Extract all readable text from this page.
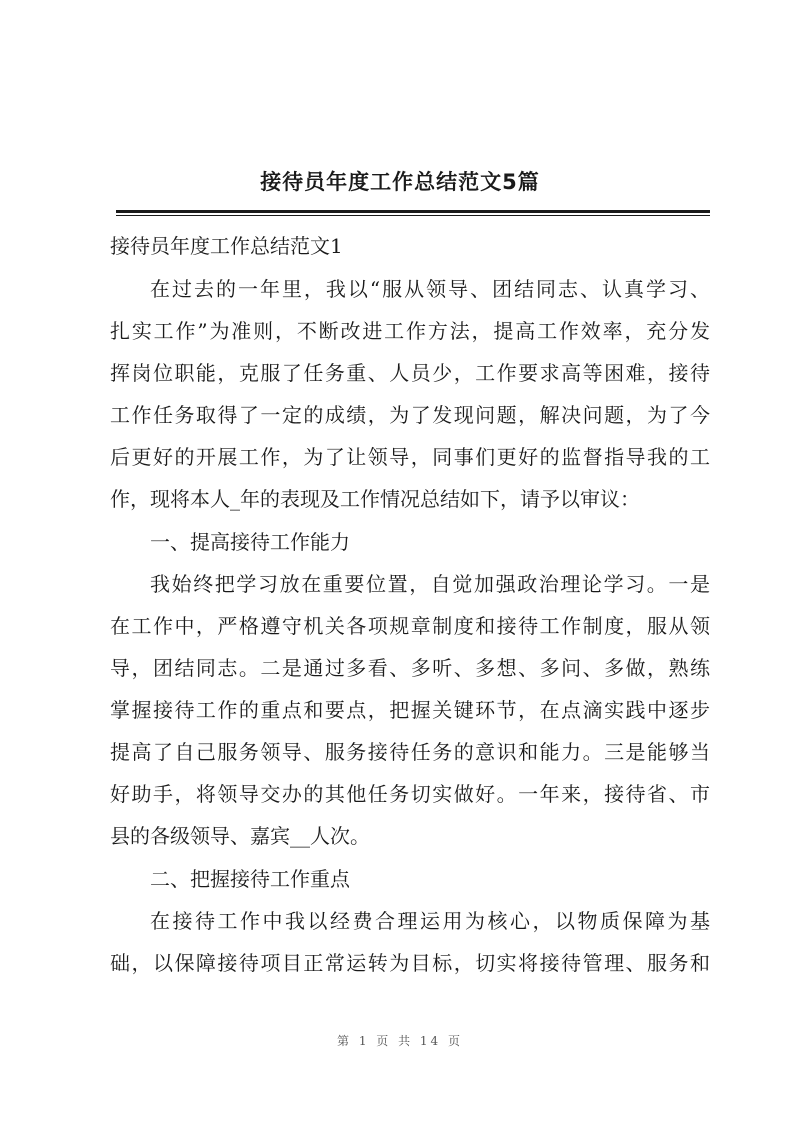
接待员年度工作总结范文5篇
接待员年度工作总结范文1
在过去的一年里，我以“服从领导、团结同志、认真学习、
扎实工作”为准则，不断改进工作方法，提高工作效率，充分发
挥岗位职能，克服了任务重、人员少，工作要求高等困难，接待
工作任务取得了一定的成绩，为了发现问题，解决问题，为了今
后更好的开展工作，为了让领导，同事们更好的监督指导我的工
作，现将本人_年的表现及工作情况总结如下，请予以审议：
一、提高接待工作能力
我始终把学习放在重要位置，自觉加强政治理论学习。一是
在工作中，严格遵守机关各项规章制度和接待工作制度，服从领
导，团结同志。二是通过多看、多听、多想、多问、多做，熟练
掌握接待工作的重点和要点，把握关键环节，在点滴实践中逐步
提高了自己服务领导、服务接待任务的意识和能力。三是能够当
好助手，将领导交办的其他任务切实做好。一年来，接待省、市
县的各级领导、嘉宾__人次。
二、把握接待工作重点
在接待工作中我以经费合理运用为核心，以物质保障为基
础，以保障接待项目正常运转为目标，切实将接待管理、服务和
第 1 页 共 14 页
